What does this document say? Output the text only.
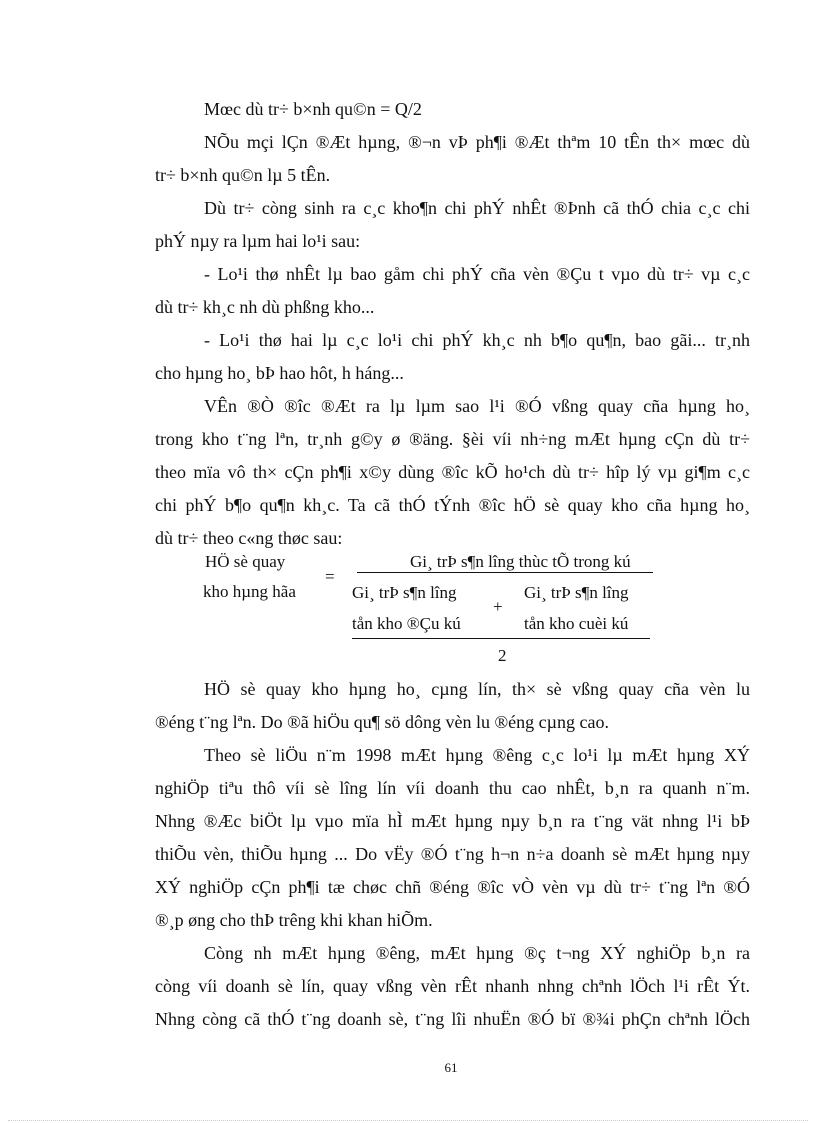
Mœc dù tr÷ b×nh qu©n = Q/2
NÕu mçi lÇn ®Æt hµng, ®¬n vÞ ph¶i ®Æt thªm 10 tÊn th× mœc dù
tr÷ b×nh qu©n lµ 5 tÊn.
Dù tr÷ còng sinh ra c¸c kho¶n chi phÝ nhÊt ®Þnh cã thÓ chia c¸c chi
phÝ nµy ra lµm hai lo¹i sau:
- Lo¹i thø nhÊt lµ bao gåm chi phÝ cña vèn ®Çu t vµo dù tr÷ vµ c¸c
dù tr÷ kh¸c nh dù phßng kho...
- Lo¹i thø hai lµ c¸c lo¹i chi phÝ kh¸c nh b¶o qu¶n, bao gãi... tr¸nh
cho hµng ho¸ bÞ hao hôt, h háng...
VÊn ®Ò ®îc ®Æt ra lµ lµm sao l¹i ®Ó vßng quay cña hµng ho¸
trong kho t¨ng lªn, tr¸nh g©y ø ®äng. §èi víi nh÷ng mÆt hµng cÇn dù tr÷
theo mïa vô th× cÇn ph¶i x©y dùng ®îc kÕ ho¹ch dù tr÷ hîp lý vµ gi¶m c¸c
chi phÝ b¶o qu¶n kh¸c. Ta cã thÓ tÝnh ®îc hÖ sè quay kho cña hµng ho¸
dù tr÷ theo c«ng thøc sau:
HÖ sè quay
kho hµng hãa
=
Gi¸ trÞ s¶n lîng thùc tÕ trong kú
Gi¸ trÞ s¶n lîng
tån kho ®Çu kú
+
Gi¸ trÞ s¶n lîng
tån kho cuèi kú
2
HÖ sè quay kho hµng ho¸ cµng lín, th× sè vßng quay cña vèn lu
®éng t¨ng lªn. Do ®ã hiÖu qu¶ sö dông vèn lu ®éng cµng cao.
Theo sè liÖu n¨m 1998 mÆt hµng ®êng c¸c lo¹i lµ mÆt hµng XÝ
nghiÖp tiªu thô víi sè lîng lín víi doanh thu cao nhÊt, b¸n ra quanh n¨m.
Nhng ®Æc biÖt lµ vµo mïa hÌ mÆt hµng nµy b¸n ra t¨ng vät nhng l¹i bÞ
thiÕu vèn, thiÕu hµng ... Do vËy ®Ó t¨ng h¬n n÷a doanh sè mÆt hµng nµy
XÝ nghiÖp cÇn ph¶i tæ chøc chñ ®éng ®îc vÒ vèn vµ dù tr÷ t¨ng lªn ®Ó
®¸p øng cho thÞ trêng khi khan hiÕm.
Còng nh mÆt hµng ®êng, mÆt hµng ®ç t¬ng XÝ nghiÖp b¸n ra
còng víi doanh sè lín, quay vßng vèn rÊt nhanh nhng chªnh lÖch l¹i rÊt Ýt.
Nhng còng cã thÓ t¨ng doanh sè, t¨ng lîi nhuËn ®Ó bï ®¾i phÇn chªnh lÖch
61
